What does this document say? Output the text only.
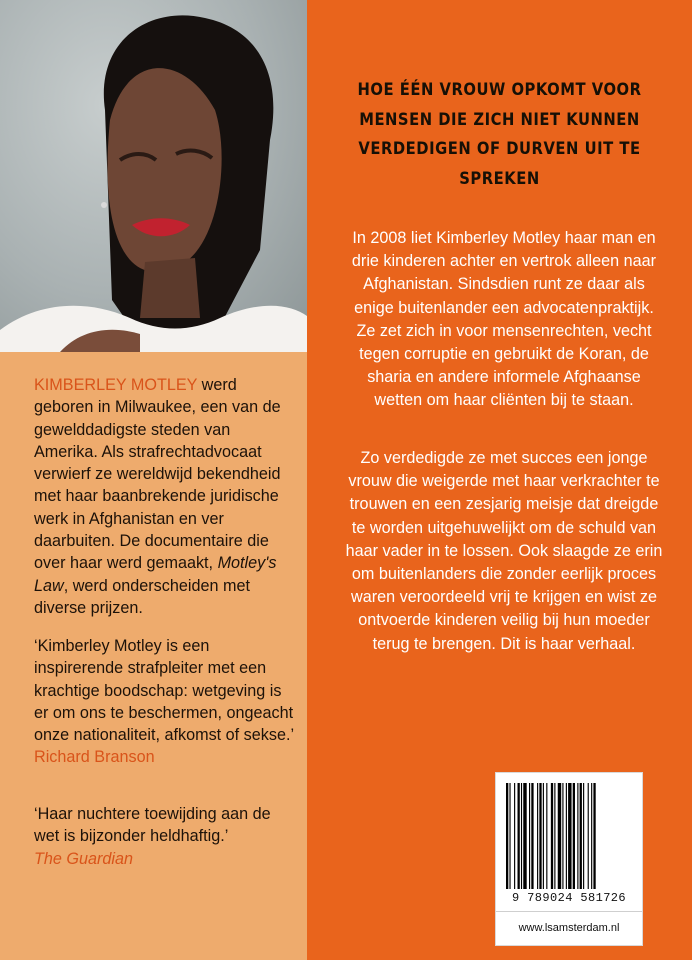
KIMBERLEY MOTLEY werd geboren in Milwaukee, een van de gewelddadigste steden van Amerika. Als strafrechtadvocaat verwierf ze wereldwijd bekendheid met haar baanbrekende juridische werk in Afghanistan en ver daarbuiten. De documentaire die over haar werd gemaakt, Motley's Law, werd onderscheiden met diverse prijzen.

‘Kimberley Motley is een inspirerende strafpleiter met een krachtige boodschap: wetgeving is er om ons te beschermen, ongeacht onze nationaliteit, afkomst of sekse.’ Richard Branson

‘Haar nuchtere toewijding aan de wet is bijzonder heldhaftig.’
The Guardian

HOE ÉÉN VROUW OPKOMT VOOR MENSEN DIE ZICH NIET KUNNEN VERDEDIGEN OF DURVEN UIT TE SPREKEN

In 2008 liet Kimberley Motley haar man en drie kinderen achter en vertrok alleen naar Afghanistan. Sindsdien runt ze daar als enige buitenlander een advocatenpraktijk. Ze zet zich in voor mensenrechten, vecht tegen corruptie en gebruikt de Koran, de sharia en andere informele Afghaanse wetten om haar cliënten bij te staan.

Zo verdedigde ze met succes een jonge vrouw die weigerde met haar verkrachter te trouwen en een zesjarig meisje dat dreigde te worden uitgehuwelijkt om de schuld van haar vader in te lossen. Ook slaagde ze erin om buitenlanders die zonder eerlijk proces waren veroordeeld vrij te krijgen en wist ze ontvoerde kinderen veilig bij hun moeder terug te brengen. Dit is haar verhaal.

9 789024 581726
www.lsamsterdam.nl
